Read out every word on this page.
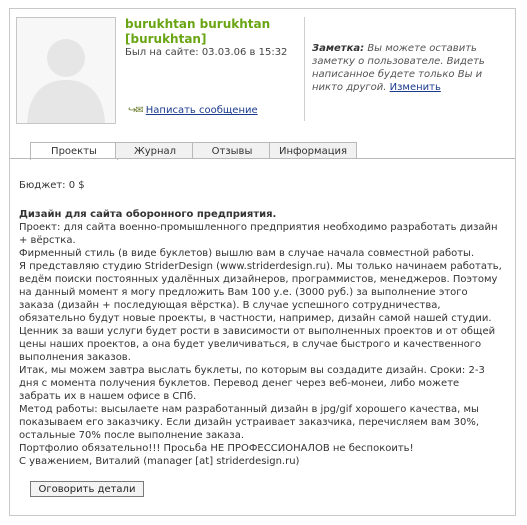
burukhtan burukhtan [burukhtan]
Был на сайте: 03.03.06 в 15:32
↪✉ Написать сообщение
Заметка: Вы можете оставить заметку о пользователе. Видеть написанное будете только Вы и никто другой. Изменить
Проекты	Журнал	Отзывы	Информация
Бюджет: 0 $
Дизайн для сайта оборонного предприятия.

Проект: для сайта военно-промышленного предприятия необходимо разработать дизайн + вёрстка.

Фирменный стиль (в виде буклетов) вышлю вам в случае начала совместной работы.

Я представляю студию StriderDesign (www.striderdesign.ru). Мы только начинаем работать, ведём поиски постоянных удалённых дизайнеров, программистов, менеджеров. Поэтому на данный момент я могу предложить Вам 100 у.е. (3000 руб.) за выполнение этого заказа (дизайн + последующая вёрстка). В случае успешного сотрудничества, обязательно будут новые проекты, в частности, например, дизайн самой нашей студии. Ценник за ваши услуги будет рости в зависимости от выполненных проектов и от общей цены наших проектов, а она будет увеличиваться, в случае быстрого и качественного выполнения заказов.

Итак, мы можем завтра выслать буклеты, по которым вы создадите дизайн. Сроки: 2-3 дня с момента получения буклетов. Перевод денег через веб-монеи, либо можете забрать их в нашем офисе в СПб.

Метод работы: высылаете нам разработанный дизайн в jpg/gif хорошего качества, мы показываем его заказчику. Если дизайн устраивает заказчика, перечисляем вам 30%, остальные 70% после выполнение заказа.

Портфолио обязательно!!! Просьба НЕ ПРОФЕССИОНАЛОВ не беспокоить!

С уважением, Виталий (manager [at] striderdesign.ru)

Оговорить детали
